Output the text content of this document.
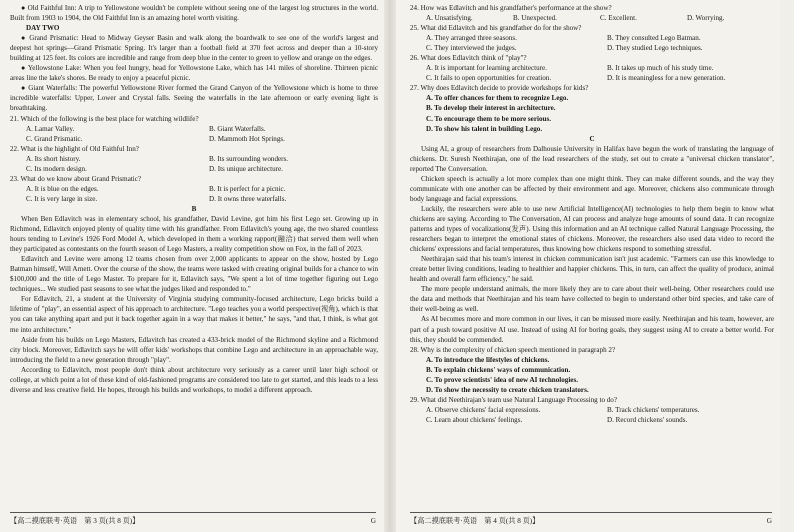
● Old Faithful Inn: A trip to Yellowstone wouldn't be complete without seeing one of the largest log structures in the world. Built from 1903 to 1904, the Old Faithful Inn is an amazing hotel worth visiting.

DAY TWO

● Grand Prismatic: Head to Midway Geyser Basin and walk along the boardwalk to see one of the world's largest and deepest hot springs—Grand Prismatic Spring. It's larger than a football field at 370 feet across and deeper than a 10-story building at 125 feet. Its colors are incredible and range from deep blue in the center to green to yellow and orange on the edges.

● Yellowstone Lake: When you feel hungry, head for Yellowstone Lake, which has 141 miles of shoreline. Thirteen picnic areas line the lake's shores. Be ready to enjoy a peaceful picnic.

● Giant Waterfalls: The powerful Yellowstone River formed the Grand Canyon of the Yellowstone which is home to three incredible waterfalls: Upper, Lower and Crystal falls. Seeing the waterfalls in the late afternoon or early evening light is breathtaking.

21. Which of the following is the best place for watching wildlife?

A. Lamar Valley.	B. Giant Waterfalls.
C. Grand Prismatic.	D. Mammoth Hot Springs.

22. What is the highlight of Old Faithful Inn?

A. Its short history.	B. Its surrounding wonders.
C. Its modern design.	D. Its unique architecture.

23. What do we know about Grand Prismatic?

A. It is blue on the edges.	B. It is perfect for a picnic.
C. It is very large in size.	D. It owns three waterfalls.

B

When Ben Edlavitch was in elementary school, his grandfather, David Levine, got him his first Lego set. Growing up in Richmond, Edlavitch enjoyed plenty of quality time with his grandfather. From Edlavitch's young age, the two shared countless hours tending to Levine's 1926 Ford Model A, which developed in them a working rapport(融洽) that served them well when they participated as contestants on the fourth season of Lego Masters, a reality competition show on Fox, in the fall of 2023.

Edlavitch and Levine were among 12 teams chosen from over 2,000 applicants to appear on the show, hosted by Lego Batman himself, Will Arnett. Over the course of the show, the teams were tasked with creating original builds for a chance to win $100,000 and the title of Lego Master. To prepare for it, Edlavitch says, "We spent a lot of time together figuring out Lego techniques... We studied past seasons to see what the judges liked and responded to."

For Edlavitch, 21, a student at the University of Virginia studying community-focused architecture, Lego bricks build a lifetime of "play", an essential aspect of his approach to architecture. "Lego teaches you a world perspective(视角), which is that you can take anything apart and put it back together again in a way that makes it better," he says, "and that, I think, is what got me into architecture."

Aside from his builds on Lego Masters, Edlavitch has created a 433-brick model of the Richmond skyline and a Richmond city block. Moreover, Edlavitch says he will offer kids' workshops that combine Lego and architecture in an approachable way, introducing the field to a new generation through "play".

According to Edlavitch, most people don't think about architecture very seriously as a career until later high school or college, at which point a lot of these kind of old-fashioned programs are considered too late to get started, and this leads to a less diverse and less creative field. He hopes, through his builds and workshops, to model a different approach.

【高二摸底联考·英语　第 3 页(共 8 页)】	G

24. How was Edlavitch and his grandfather's performance at the show?

A. Unsatisfying.	B. Unexpected.	C. Excellent.	D. Worrying.

25. What did Edlavitch and his grandfather do for the show?

A. They arranged three seasons.	B. They consulted Lego Batman.
C. They interviewed the judges.	D. They studied Lego techniques.

26. What does Edlavitch think of "play"?

A. It is important for learning architecture.	B. It takes up much of his study time.
C. It fails to open opportunities for creation.	D. It is meaningless for a new generation.

27. Why does Edlavitch decide to provide workshops for kids?

A. To offer chances for them to recognize Lego.

B. To develop their interest in architecture.

C. To encourage them to be more serious.

D. To show his talent in building Lego.

C

Using AI, a group of researchers from Dalhousie University in Halifax have begun the work of translating the language of chickens. Dr. Suresh Neethirajan, one of the lead researchers of the study, set out to create a "universal chicken translator", reported The Conversation.

Chicken speech is actually a lot more complex than one might think. They can make different sounds, and the way they communicate with one another can be affected by their environment and age. Moreover, chickens also communicate through body language and facial expressions.

Luckily, the researchers were able to use new Artificial Intelligence(AI) technologies to help them begin to know what chickens are saying. According to The Conversation, AI can process and analyze huge amounts of sound data. It can recognize patterns and types of vocalizations(发声). Using this information and an AI technique called Natural Language Processing, the researchers began to interpret the emotional states of chickens. Moreover, the researchers also used data video to record the chickens' expressions and facial temperatures, thus knowing how chickens respond to something stressful.

Neethirajan said that his team's interest in chicken communication isn't just academic. "Farmers can use this knowledge to create better living conditions, leading to healthier and happier chickens. This, in turn, can affect the quality of produce, animal health and overall farm efficiency," he said.

The more people understand animals, the more likely they are to care about their well-being. Other researchers could use the data and methods that Neethirajan and his team have collected to begin to understand other bird species, and take care of their well-being as well.

As AI becomes more and more common in our lives, it can be misused more easily. Neethirajan and his team, however, are part of a push toward positive AI use. Instead of using AI for boring goals, they suggest using AI to create a better world. For this, they should be commended.

28. Why is the complexity of chicken speech mentioned in paragraph 2?

A. To introduce the lifestyles of chickens.

B. To explain chickens' ways of communication.

C. To prove scientists' idea of new AI technologies.

D. To show the necessity to create chicken translators.

29. What did Neethirajan's team use Natural Language Processing to do?

A. Observe chickens' facial expressions.	B. Track chickens' temperatures.
C. Learn about chickens' feelings.	D. Record chickens' sounds.
【高二摸底联考·英语　第 4 页(共 8 页)】	G
